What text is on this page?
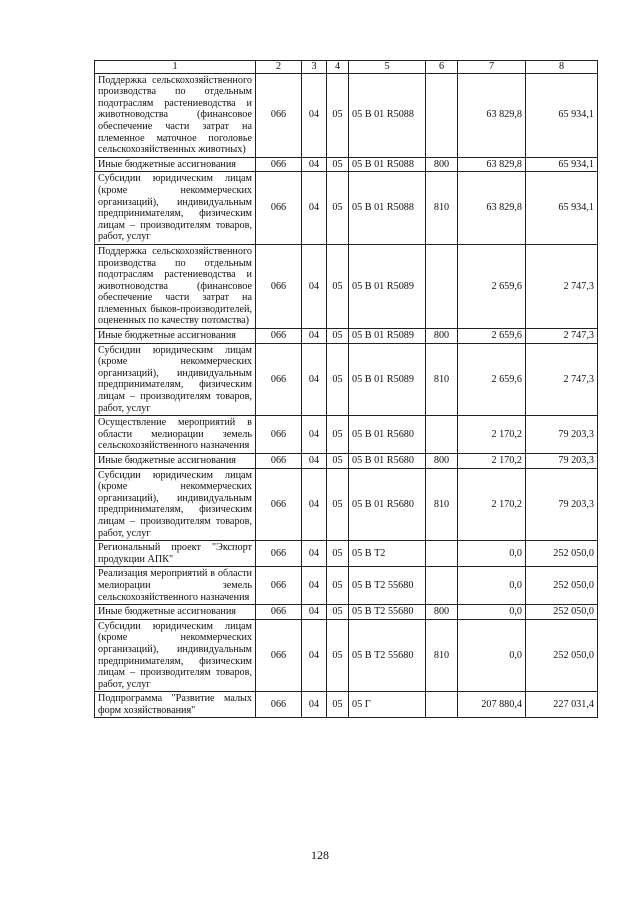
1	2	3	4	5	6	7	8
Поддержка сельскохозяйственного производства по отдельным подотраслям растениеводства и животноводства (финансовое обеспечение части затрат на племенное маточное поголовье сельскохозяйственных животных)	066	04	05	05 В 01 R5088		63 829,8	65 934,1
Иные бюджетные ассигнования	066	04	05	05 В 01 R5088	800	63 829,8	65 934,1
Субсидии юридическим лицам (кроме некоммерческих организаций), индивидуальным предпринимателям, физическим лицам – производителям товаров, работ, услуг	066	04	05	05 В 01 R5088	810	63 829,8	65 934,1
Поддержка сельскохозяйственного производства по отдельным подотраслям растениеводства и животноводства (финансовое обеспечение части затрат на племенных быков-производителей, оцененных по качеству потомства)	066	04	05	05 В 01 R5089		2 659,6	2 747,3
Иные бюджетные ассигнования	066	04	05	05 В 01 R5089	800	2 659,6	2 747,3
Субсидии юридическим лицам (кроме некоммерческих организаций), индивидуальным предпринимателям, физическим лицам – производителям товаров, работ, услуг	066	04	05	05 В 01 R5089	810	2 659,6	2 747,3
Осуществление мероприятий в области мелиорации земель сельскохозяйственного назначения	066	04	05	05 В 01 R5680		2 170,2	79 203,3
Иные бюджетные ассигнования	066	04	05	05 В 01 R5680	800	2 170,2	79 203,3
Субсидии юридическим лицам (кроме некоммерческих организаций), индивидуальным предпринимателям, физическим лицам – производителям товаров, работ, услуг	066	04	05	05 В 01 R5680	810	2 170,2	79 203,3
Региональный проект "Экспорт продукции АПК"	066	04	05	05 В Т2		0,0	252 050,0
Реализация мероприятий в области мелиорации земель сельскохозяйственного назначения	066	04	05	05 В Т2 55680		0,0	252 050,0
Иные бюджетные ассигнования	066	04	05	05 В Т2 55680	800	0,0	252 050,0
Субсидии юридическим лицам (кроме некоммерческих организаций), индивидуальным предпринимателям, физическим лицам – производителям товаров, работ, услуг	066	04	05	05 В Т2 55680	810	0,0	252 050,0
Подпрограмма "Развитие малых форм хозяйствования"	066	04	05	05 Г		207 880,4	227 031,4
128
